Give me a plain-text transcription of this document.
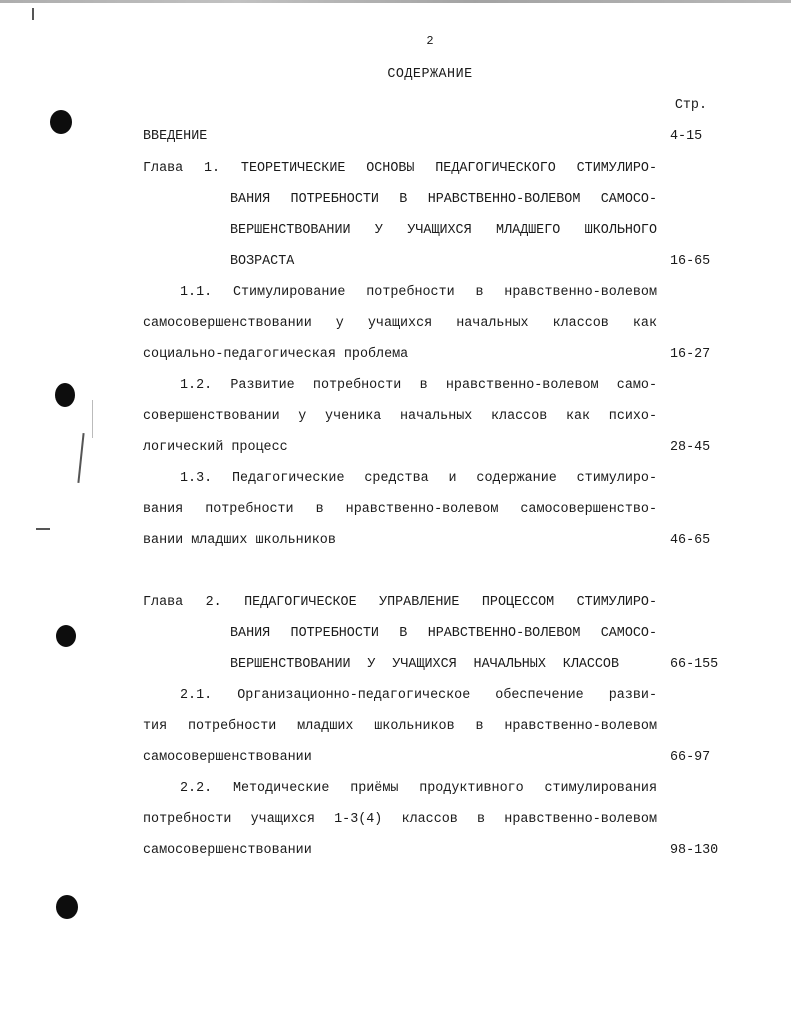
2
СОДЕРЖАНИЕ
Стр.
ВВЕДЕНИЕ	4-15
Глава 1. ТЕОРЕТИЧЕСКИЕ ОСНОВЫ ПЕДАГОГИЧЕСКОГО СТИМУЛИРО-
ВАНИЯ ПОТРЕБНОСТИ В НРАВСТВЕННО-ВОЛЕВОМ САМОСО-
ВЕРШЕНСТВОВАНИИ У УЧАЩИХСЯ МЛАДШЕГО ШКОЛЬНОГО
ВОЗРАСТА	16-65
1.1. Стимулирование потребности в нравственно-волевом
самосовершенствовании у учащихся начальных классов как
социально-педагогическая проблема	16-27
1.2. Развитие потребности в нравственно-волевом само-
совершенствовании у ученика начальных классов как психо-
логический процесс	28-45
1.3. Педагогические средства и содержание стимулиро-
вания потребности в нравственно-волевом самосовершенство-
вании младших школьников	46-65
Глава 2. ПЕДАГОГИЧЕСКОЕ УПРАВЛЕНИЕ ПРОЦЕССОМ СТИМУЛИРО-
ВАНИЯ ПОТРЕБНОСТИ В НРАВСТВЕННО-ВОЛЕВОМ САМОСО-
ВЕРШЕНСТВОВАНИИ У УЧАЩИХСЯ НАЧАЛЬНЫХ КЛАССОВ	66-155
2.1. Организационно-педагогическое обеспечение разви-
тия потребности младших школьников в нравственно-волевом
самосовершенствовании	66-97
2.2. Методические приёмы продуктивного стимулирования
потребности учащихся 1-3(4) классов в нравственно-волевом
самосовершенствовании	98-130
